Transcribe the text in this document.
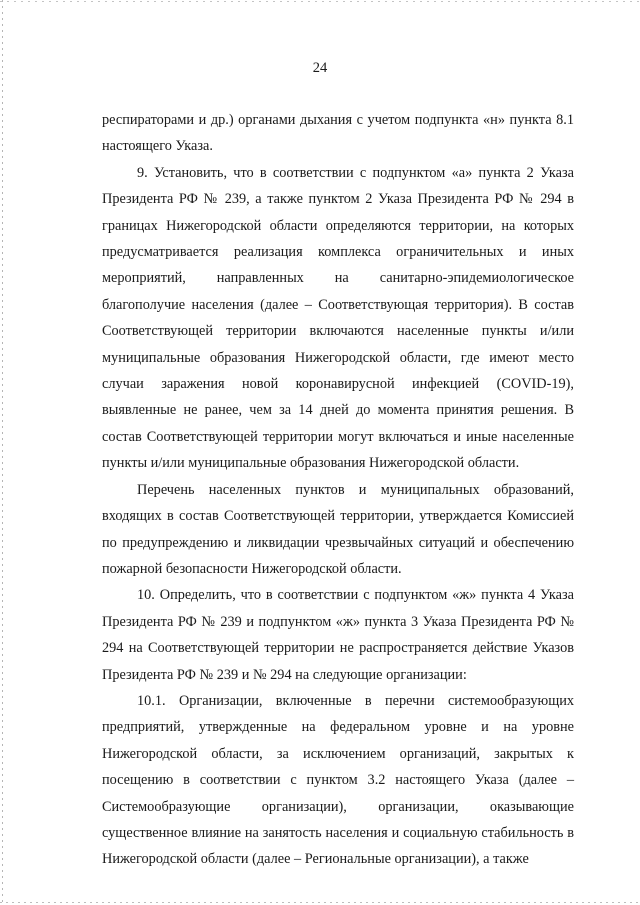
24

респираторами и др.) органами дыхания с учетом подпункта «н» пункта 8.1 настоящего Указа.

9. Установить, что в соответствии с подпунктом «а» пункта 2 Указа Президента РФ № 239, а также пунктом 2 Указа Президента РФ № 294 в границах Нижегородской области определяются территории, на которых предусматривается реализация комплекса ограничительных и иных мероприятий, направленных на санитарно-эпидемиологическое благополучие населения (далее – Соответствующая территория). В состав Соответствующей территории включаются населенные пункты и/или муниципальные образования Нижегородской области, где имеют место случаи заражения новой коронавирусной инфекцией (COVID-19), выявленные не ранее, чем за 14 дней до момента принятия решения. В состав Соответствующей территории могут включаться и иные населенные пункты и/или муниципальные образования Нижегородской области.

Перечень населенных пунктов и муниципальных образований, входящих в состав Соответствующей территории, утверждается Комиссией по предупреждению и ликвидации чрезвычайных ситуаций и обеспечению пожарной безопасности Нижегородской области.

10. Определить, что в соответствии с подпунктом «ж» пункта 4 Указа Президента РФ № 239 и подпунктом «ж» пункта 3 Указа Президента РФ № 294 на Соответствующей территории не распространяется действие Указов Президента РФ № 239 и № 294 на следующие организации:

10.1. Организации, включенные в перечни системообразующих предприятий, утвержденные на федеральном уровне и на уровне Нижегородской области, за исключением организаций, закрытых к посещению в соответствии с пунктом 3.2 настоящего Указа (далее – Системообразующие организации), организации, оказывающие существенное влияние на занятость населения и социальную стабильность в Нижегородской области (далее – Региональные организации), а также
